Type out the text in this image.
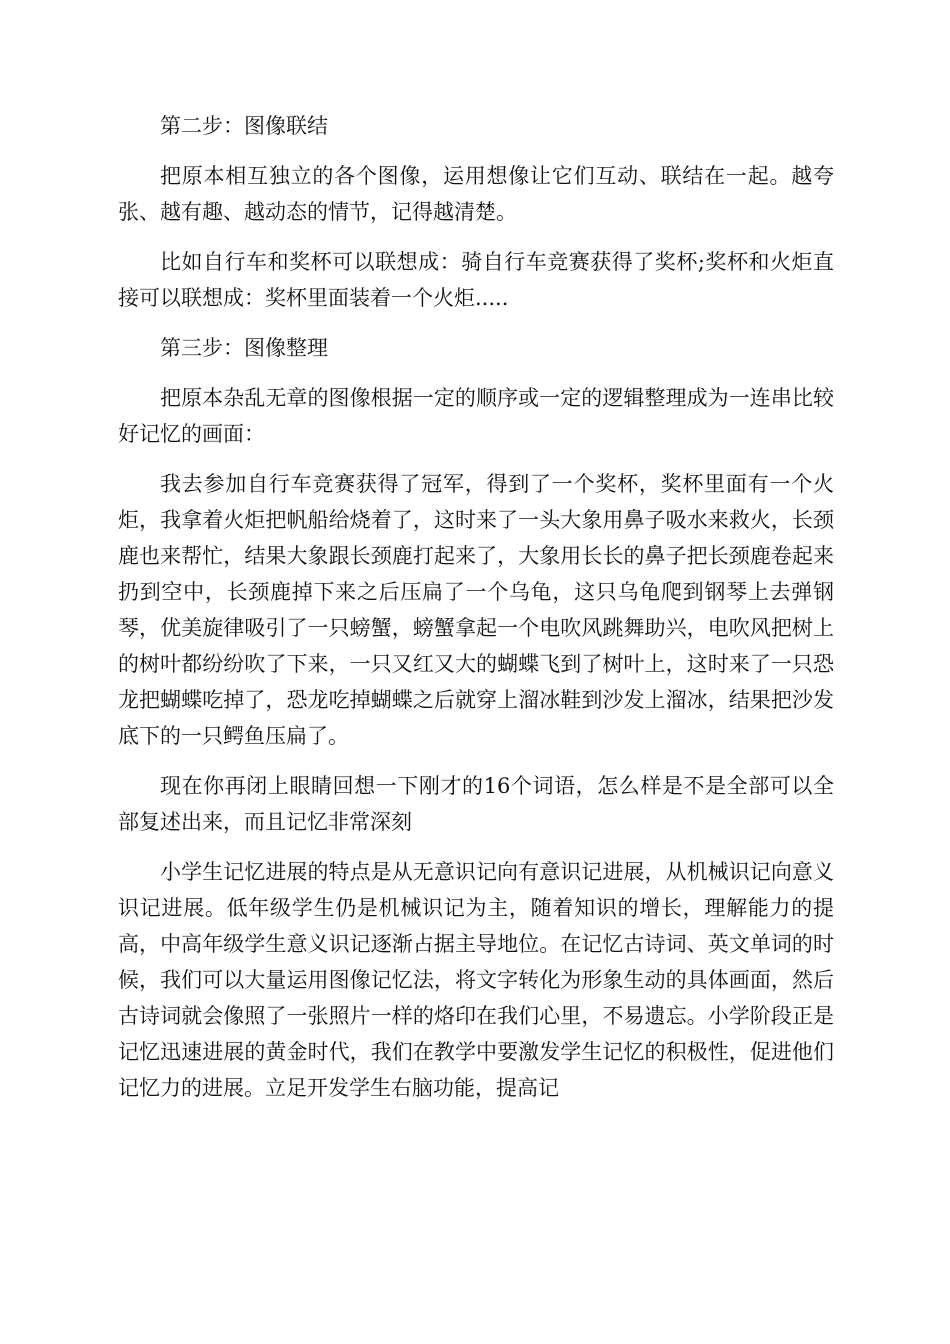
第二步：图像联结

把原本相互独立的各个图像，运用想像让它们互动、联结在一起。越夸张、越有趣、越动态的情节，记得越清楚。

比如自行车和奖杯可以联想成：骑自行车竞赛获得了奖杯;奖杯和火炬直接可以联想成：奖杯里面装着一个火炬.....

第三步：图像整理

把原本杂乱无章的图像根据一定的顺序或一定的逻辑整理成为一连串比较好记忆的画面：

我去参加自行车竞赛获得了冠军，得到了一个奖杯，奖杯里面有一个火炬，我拿着火炬把帆船给烧着了，这时来了一头大象用鼻子吸水来救火，长颈鹿也来帮忙，结果大象跟长颈鹿打起来了，大象用长长的鼻子把长颈鹿卷起来扔到空中，长颈鹿掉下来之后压扁了一个乌龟，这只乌龟爬到钢琴上去弹钢琴，优美旋律吸引了一只螃蟹，螃蟹拿起一个电吹风跳舞助兴，电吹风把树上的树叶都纷纷吹了下来，一只又红又大的蝴蝶飞到了树叶上，这时来了一只恐龙把蝴蝶吃掉了，恐龙吃掉蝴蝶之后就穿上溜冰鞋到沙发上溜冰，结果把沙发底下的一只鳄鱼压扁了。

现在你再闭上眼睛回想一下刚才的16个词语，怎么样是不是全部可以全部复述出来，而且记忆非常深刻

小学生记忆进展的特点是从无意识记向有意识记进展，从机械识记向意义识记进展。低年级学生仍是机械识记为主，随着知识的增长，理解能力的提高，中高年级学生意义识记逐渐占据主导地位。在记忆古诗词、英文单词的时候，我们可以大量运用图像记忆法，将文字转化为形象生动的具体画面，然后古诗词就会像照了一张照片一样的烙印在我们心里，不易遗忘。小学阶段正是记忆迅速进展的黄金时代，我们在教学中要激发学生记忆的积极性，促进他们记忆力的进展。立足开发学生右脑功能，提高记
